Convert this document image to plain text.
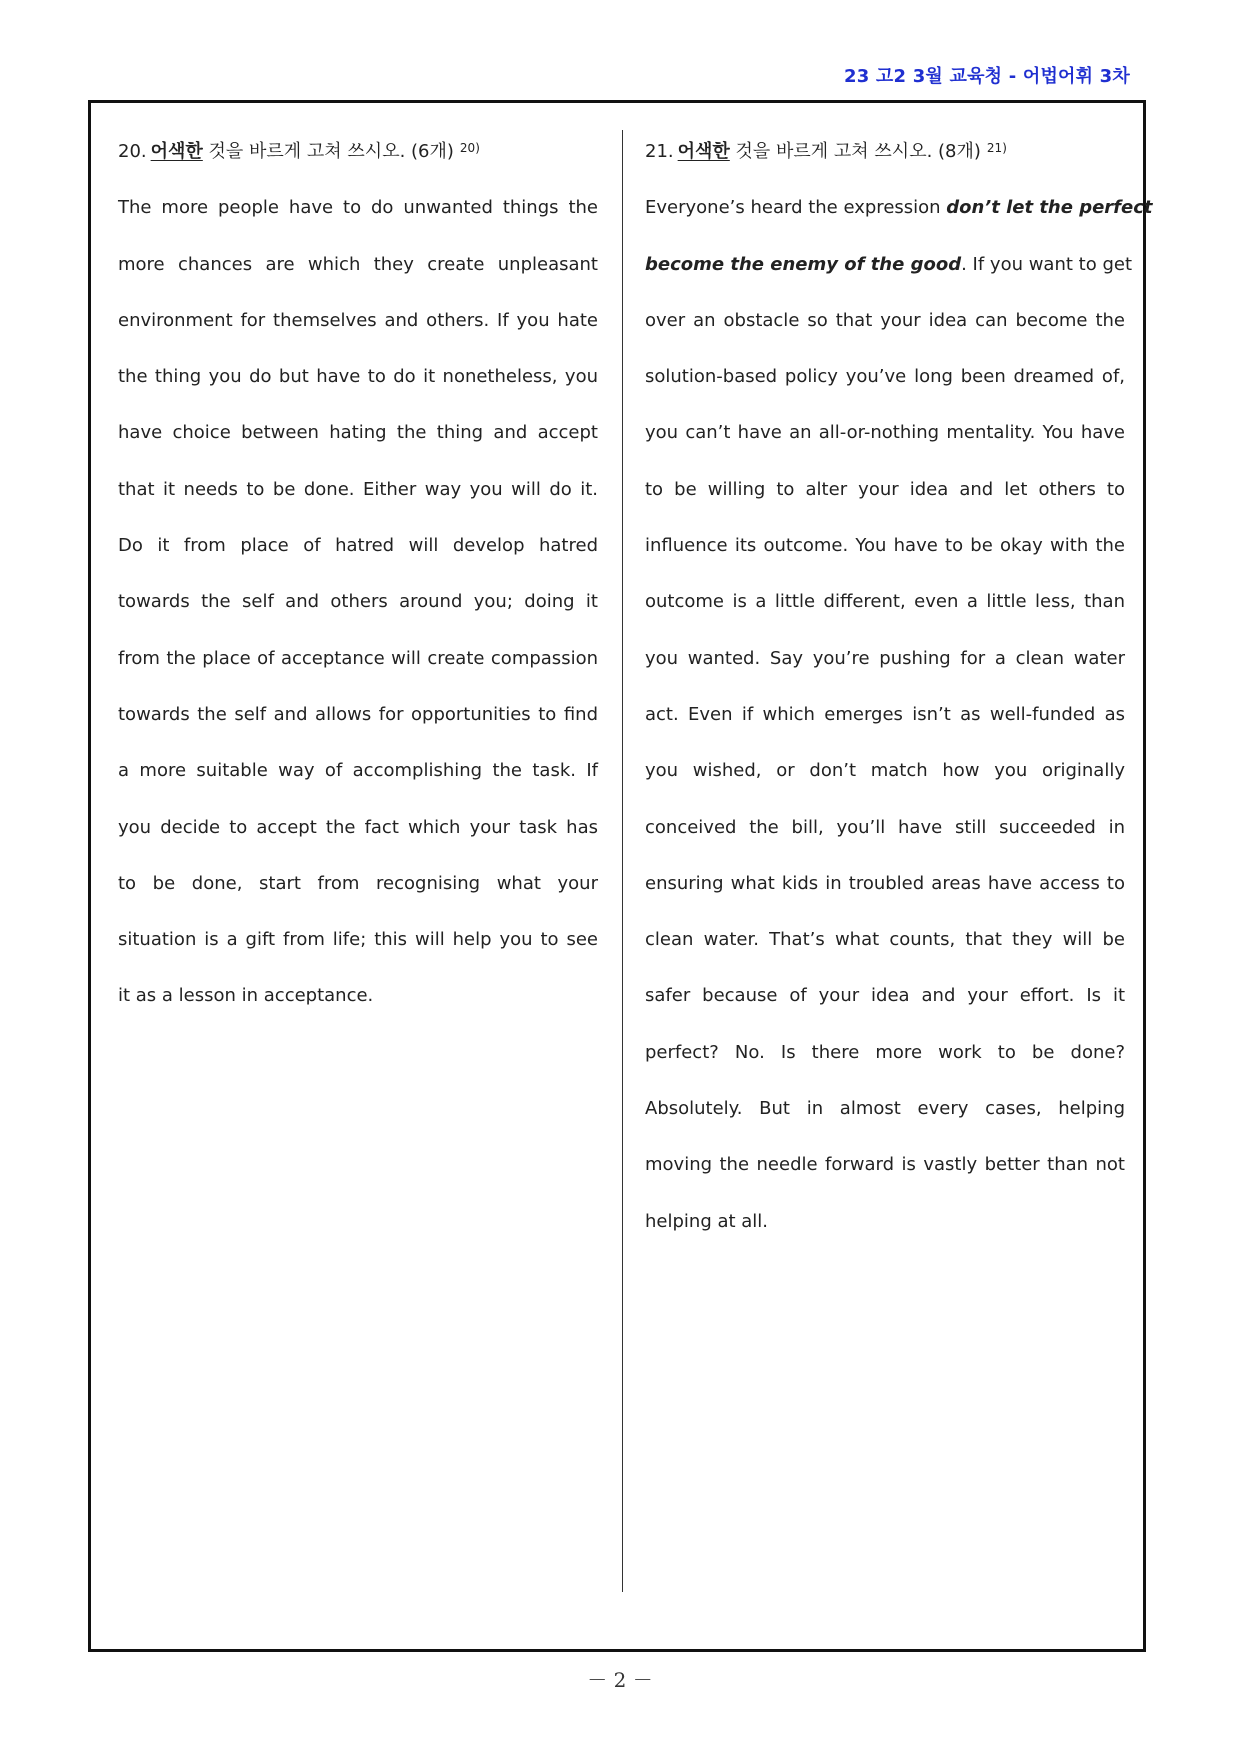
23 고2 3월 교육청 - 어법어휘 3차
20. 어색한 것을 바르게 고쳐 쓰시오. (6개) $^{20)}$
The more people have to do unwanted things the
more chances are which they create unpleasant
environment for themselves and others. If you hate
the thing you do but have to do it nonetheless, you
have choice between hating the thing and accept
that it needs to be done. Either way you will do it.
Do it from place of hatred will develop hatred
towards the self and others around you; doing it
from the place of acceptance will create compassion
towards the self and allows for opportunities to find
a more suitable way of accomplishing the task. If
you decide to accept the fact which your task has
to be done, start from recognising what your
situation is a gift from life; this will help you to see
it as a lesson in acceptance.
21. 어색한 것을 바르게 고쳐 쓰시오. (8개) $^{21)}$
Everyone’s heard the expression don’t let the perfect
become the enemy of the good. If you want to get
over an obstacle so that your idea can become the
solution-based policy you’ve long been dreamed of,
you can’t have an all-or-nothing mentality. You have
to be willing to alter your idea and let others to
influence its outcome. You have to be okay with the
outcome is a little different, even a little less, than
you wanted. Say you’re pushing for a clean water
act. Even if which emerges isn’t as well-funded as
you wished, or don’t match how you originally
conceived the bill, you’ll have still succeeded in
ensuring what kids in troubled areas have access to
clean water. That’s what counts, that they will be
safer because of your idea and your effort. Is it
perfect? No. Is there more work to be done?
Absolutely. But in almost every cases, helping
moving the needle forward is vastly better than not
helping at all.
－ 2 －
